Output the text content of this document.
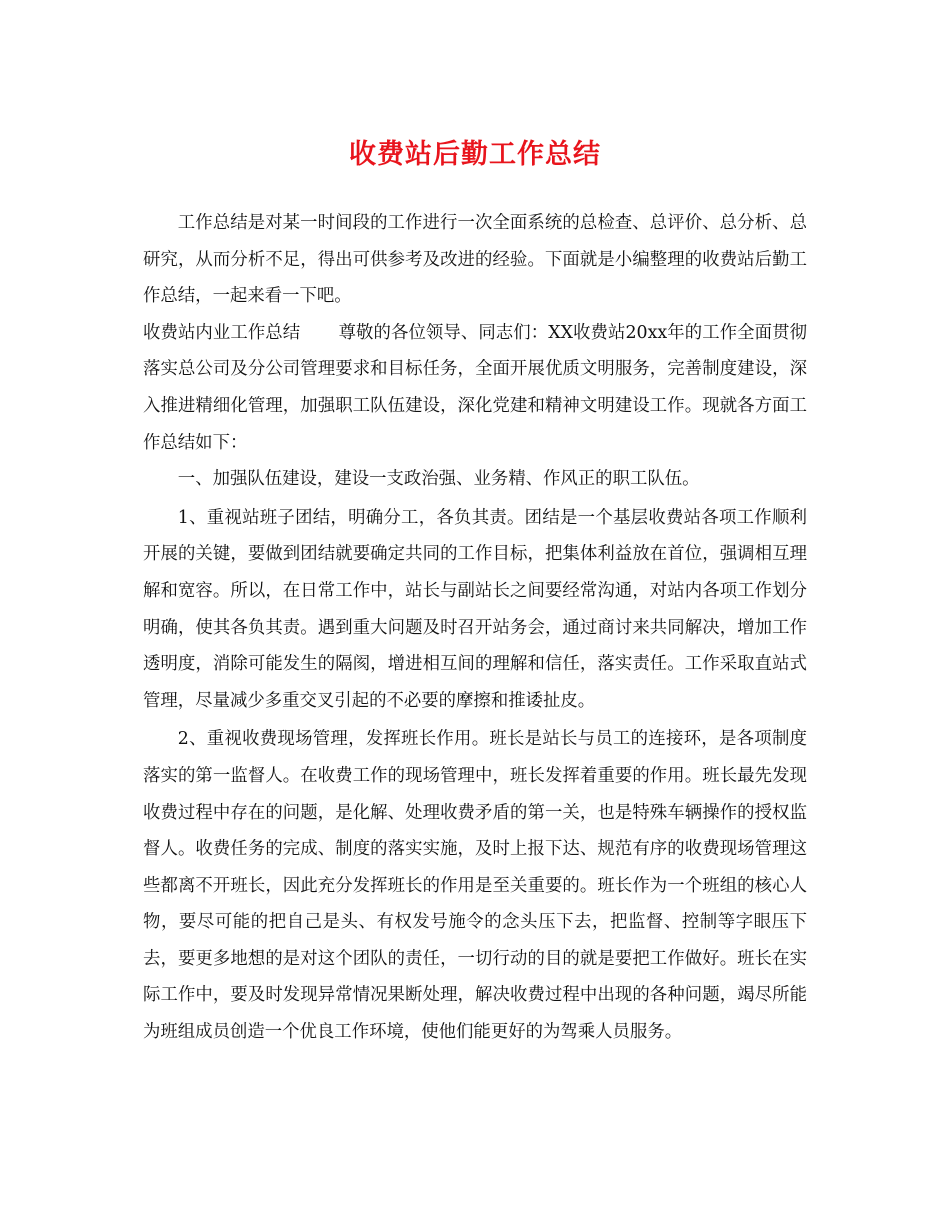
收费站后勤工作总结

工作总结是对某一时间段的工作进行一次全面系统的总检查、总评价、总分析、总研究，从而分析不足，得出可供参考及改进的经验。下面就是小编整理的收费站后勤工作总结，一起来看一下吧。

收费站内业工作总结 尊敬的各位领导、同志们：XX收费站20xx年的工作全面贯彻落实总公司及分公司管理要求和目标任务，全面开展优质文明服务，完善制度建设，深入推进精细化管理，加强职工队伍建设，深化党建和精神文明建设工作。现就各方面工作总结如下：

一、加强队伍建设，建设一支政治强、业务精、作风正的职工队伍。

1、重视站班子团结，明确分工，各负其责。团结是一个基层收费站各项工作顺利开展的关键，要做到团结就要确定共同的工作目标，把集体利益放在首位，强调相互理解和宽容。所以，在日常工作中，站长与副站长之间要经常沟通，对站内各项工作划分明确，使其各负其责。遇到重大问题及时召开站务会，通过商讨来共同解决，增加工作透明度，消除可能发生的隔阂，增进相互间的理解和信任，落实责任。工作采取直站式管理，尽量减少多重交叉引起的不必要的摩擦和推诿扯皮。

2、重视收费现场管理，发挥班长作用。班长是站长与员工的连接环，是各项制度落实的第一监督人。在收费工作的现场管理中，班长发挥着重要的作用。班长最先发现收费过程中存在的问题，是化解、处理收费矛盾的第一关，也是特殊车辆操作的授权监督人。收费任务的完成、制度的落实实施，及时上报下达、规范有序的收费现场管理这些都离不开班长，因此充分发挥班长的作用是至关重要的。班长作为一个班组的核心人物，要尽可能的把自己是头、有权发号施令的念头压下去，把监督、控制等字眼压下去，要更多地想的是对这个团队的责任，一切行动的目的就是要把工作做好。班长在实际工作中，要及时发现异常情况果断处理，解决收费过程中出现的各种问题，竭尽所能为班组成员创造一个优良工作环境，使他们能更好的为驾乘人员服务。
